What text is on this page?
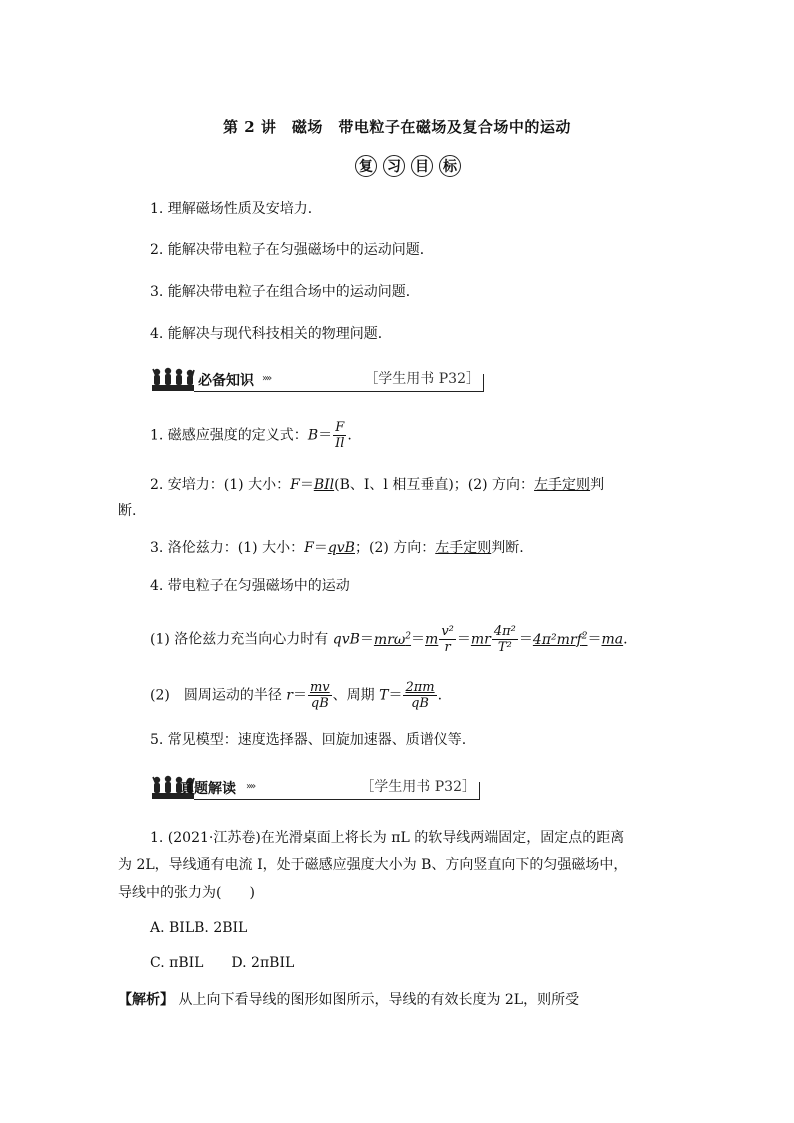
第 2 讲　磁场　带电粒子在磁场及复合场中的运动
复 习 目 标
1. 理解磁场性质及安培力．
2. 能解决带电粒子在匀强磁场中的运动问题．
3. 能解决带电粒子在组合场中的运动问题．
4. 能解决与现代科技相关的物理问题．
必备知识 »»	［学生用书 P32］
1. 磁感应强度的定义式：$B= \frac{F}{Il}$ .
2. 安培力：(1) 大小：F＝BIl(B、I、l 相互垂直)；(2) 方向：左手定则判
断.
3. 洛伦兹力：(1) 大小：F＝qvB；(2) 方向：左手定则判断.
4. 带电粒子在匀强磁场中的运动
(1) 洛伦兹力充当向心力时有 $qvB=mr\omega^2=m \frac{\text{v²}}{r} =mr \frac{\text{4π²}}{\text{T²}} =4\pi^2mrf^2=ma$.
(2)　圆周运动的半径 $r= \frac{mv}{qB}$ 、周期 $T= \frac{2\pi m}{qB}$ .
5. 常见模型：速度选择器、回旋加速器、质谱仪等.
真题解读 »»	［学生用书 P32］
1. (2021·江苏卷)在光滑桌面上将长为 πL 的软导线两端固定，固定点的距离
为 2L，导线通有电流 I，处于磁感应强度大小为 B、方向竖直向下的匀强磁场中，
导线中的张力为(　　)
A. BILB. 2BIL
C. πBIL　　D. 2πBIL
【解析】 从上向下看导线的图形如图所示，导线的有效长度为 2L，则所受
